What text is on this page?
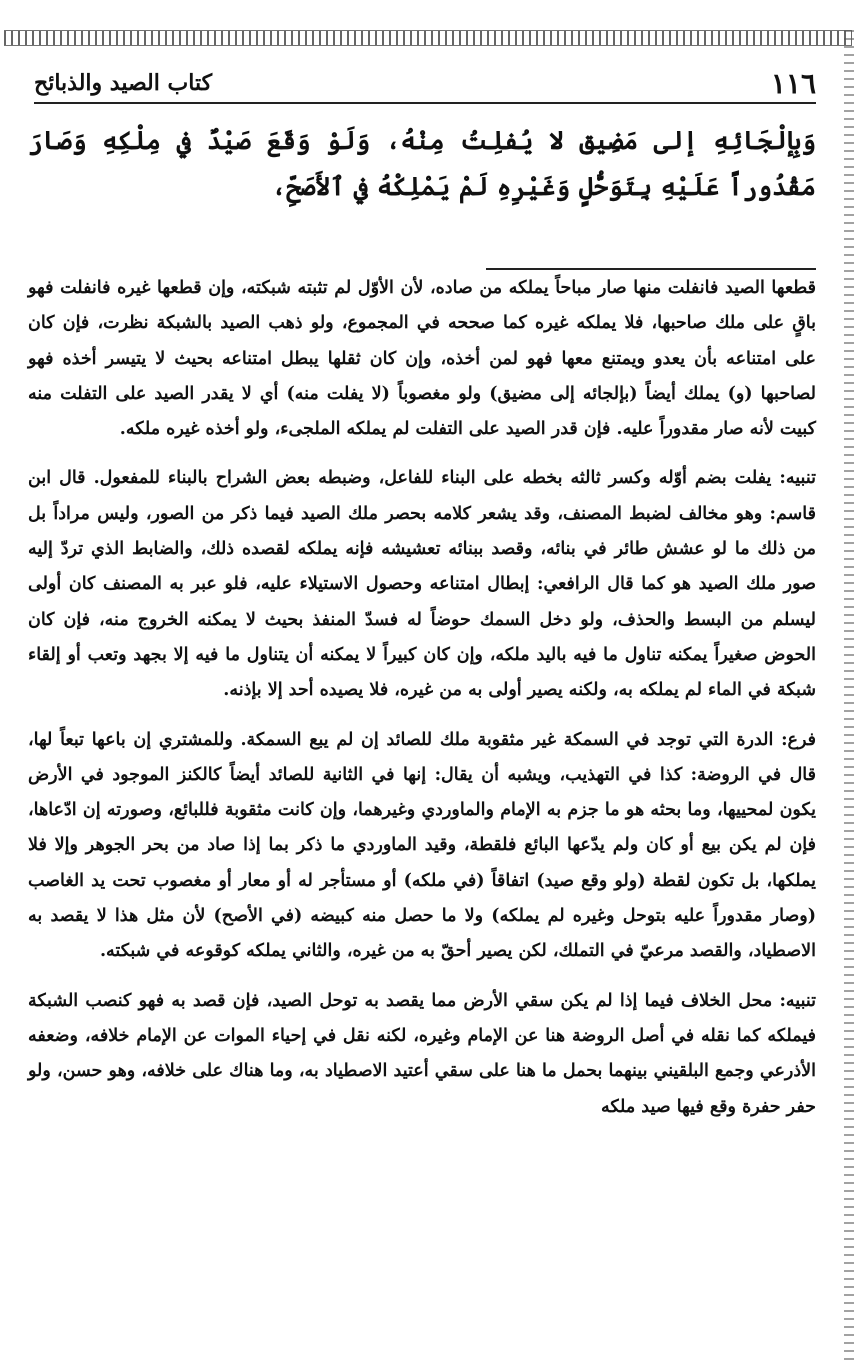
١١٦
كتاب الصيد والذبائح
وَبِإلْجَائِهِ إلى مَضِيق لا يُفلِتُ مِنْهُ، وَلَوْ وَقَعَ صَيْدٌ في مِلْكِهِ وَصَارَ مَقْدُوراً عَلَيْهِ بِتَوَحُّلٍ وَغَيْرِهِ لَمْ يَمْلِكْهُ في ٱلأَصَحِّ،

قطعها الصيد فانفلت منها صار مباحاً يملكه من صاده، لأن الأوّل لم تثبته شبكته، وإن قطعها غيره فانفلت فهو باقٍ على ملك صاحبها، فلا يملكه غيره كما صححه في المجموع، ولو ذهب الصيد بالشبكة نظرت، فإن كان على امتناعه بأن يعدو ويمتنع معها فهو لمن أخذه، وإن كان ثقلها يبطل امتناعه بحيث لا يتيسر أخذه فهو لصاحبها (و) يملك أيضاً (بإلجائه إلى مضيق) ولو مغصوباً (لا يفلت منه) أي لا يقدر الصيد على التفلت منه كبيت لأنه صار مقدوراً عليه. فإن قدر الصيد على التفلت لم يملكه الملجىء، ولو أخذه غيره ملكه.

تنبيه: يفلت بضم أوّله وكسر ثالثه بخطه على البناء للفاعل، وضبطه بعض الشراح بالبناء للمفعول. قال ابن قاسم: وهو مخالف لضبط المصنف، وقد يشعر كلامه بحصر ملك الصيد فيما ذكر من الصور، وليس مراداً بل من ذلك ما لو عشش طائر في بنائه، وقصد ببنائه تعشيشه فإنه يملكه لقصده ذلك، والضابط الذي تردّ إليه صور ملك الصيد هو كما قال الرافعي: إبطال امتناعه وحصول الاستيلاء عليه، فلو عبر به المصنف كان أولى ليسلم من البسط والحذف، ولو دخل السمك حوضاً له فسدّ المنفذ بحيث لا يمكنه الخروج منه، فإن كان الحوض صغيراً يمكنه تناول ما فيه باليد ملكه، وإن كان كبيراً لا يمكنه أن يتناول ما فيه إلا بجهد وتعب أو إلقاء شبكة في الماء لم يملكه به، ولكنه يصير أولى به من غيره، فلا يصيده أحد إلا بإذنه.

فرع: الدرة التي توجد في السمكة غير مثقوبة ملك للصائد إن لم يبع السمكة. وللمشتري إن باعها تبعاً لها، قال في الروضة: كذا في التهذيب، ويشبه أن يقال: إنها في الثانية للصائد أيضاً كالكنز الموجود في الأرض يكون لمحييها، وما بحثه هو ما جزم به الإمام والماوردي وغيرهما، وإن كانت مثقوبة فللبائع، وصورته إن ادّعاها، فإن لم يكن بيع أو كان ولم يدّعها البائع فلقطة، وقيد الماوردي ما ذكر بما إذا صاد من بحر الجوهر وإلا فلا يملكها، بل تكون لقطة (ولو وقع صيد) اتفاقاً (في ملكه) أو مستأجر له أو معار أو مغصوب تحت يد الغاصب (وصار مقدوراً عليه بتوحل وغيره لم يملكه) ولا ما حصل منه كبيضه (في الأصح) لأن مثل هذا لا يقصد به الاصطياد، والقصد مرعيّ في التملك، لكن يصير أحقّ به من غيره، والثاني يملكه كوقوعه في شبكته.

تنبيه: محل الخلاف فيما إذا لم يكن سقي الأرض مما يقصد به توحل الصيد، فإن قصد به فهو كنصب الشبكة فيملكه كما نقله في أصل الروضة هنا عن الإمام وغيره، لكنه نقل في إحياء الموات عن الإمام خلافه، وضعفه الأذرعي وجمع البلقيني بينهما بحمل ما هنا على سقي أعتيد الاصطياد به، وما هناك على خلافه، وهو حسن، ولو حفر حفرة وقع فيها صيد ملكه
